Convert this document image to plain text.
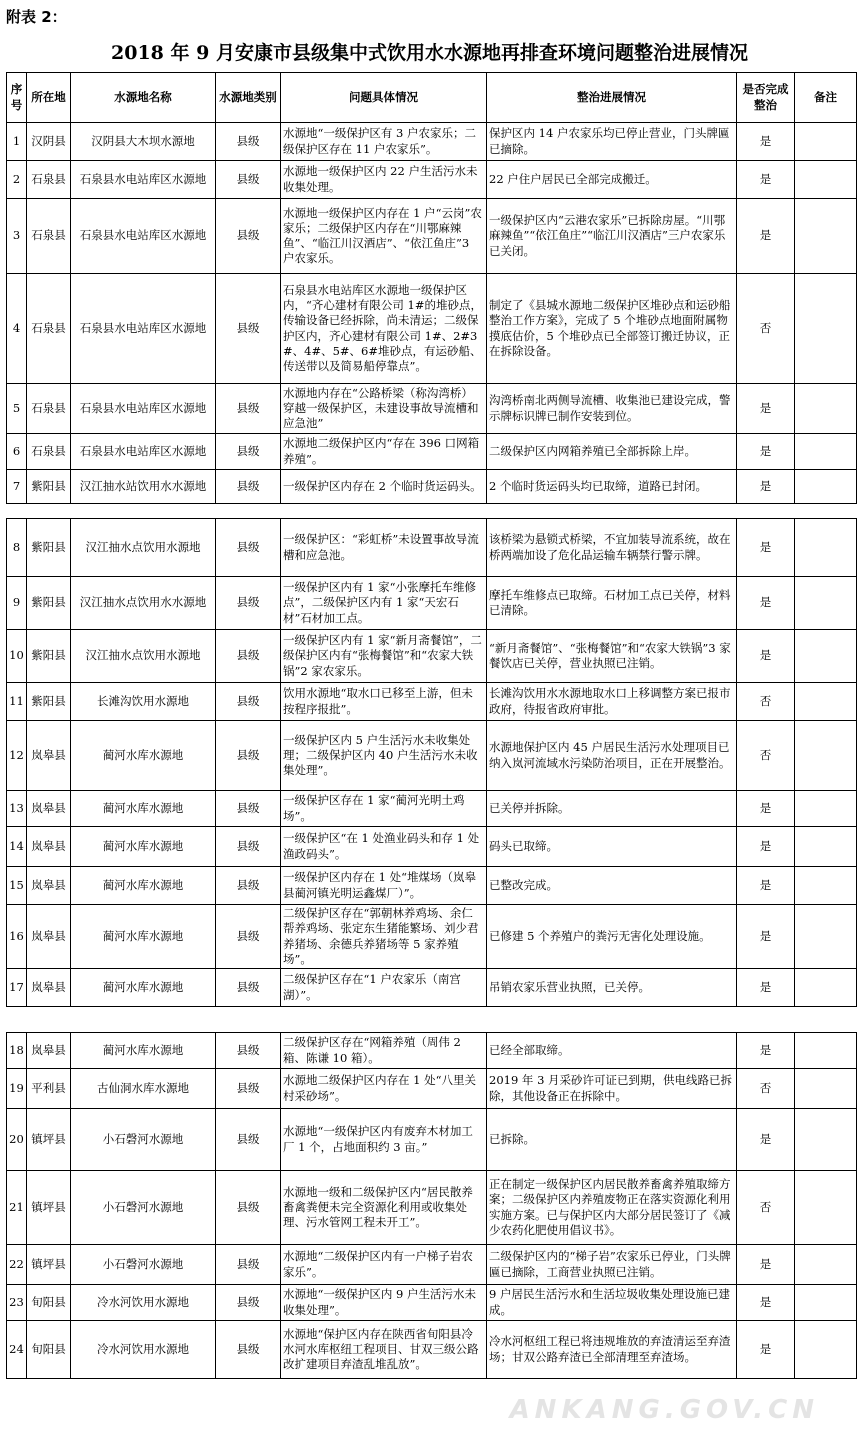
附表 2：
2018 年 9 月安康市县级集中式饮用水水源地再排查环境问题整治进展情况
序号	所在地	水源地名称	水源地类别	问题具体情况	整治进展情况	是否完成整治	备注
1	汉阴县	汉阴县大木坝水源地	县级	水源地“一级保护区有 3 户农家乐；二级保护区存在 11 户农家乐”。	保护区内 14 户农家乐均已停止营业，门头牌匾已摘除。	是	
2	石泉县	石泉县水电站库区水源地	县级	水源地一级保护区内 22 户生活污水未收集处理。	22 户住户居民已全部完成搬迁。	是	
3	石泉县	石泉县水电站库区水源地	县级	水源地一级保护区内存在 1 户“云岗”农家乐；二级保护区内存在“川鄂麻辣鱼”、“临江川汉酒店”、“依江鱼庄”3 户农家乐。	一级保护区内“云港农家乐”已拆除房屋。“川鄂麻辣鱼”“依江鱼庄”“临江川汉酒店”三户农家乐已关闭。	是	
4	石泉县	石泉县水电站库区水源地	县级	石泉县水电站库区水源地一级保护区内，“齐心建材有限公司 1#的堆砂点，传输设备已经拆除，尚未清运；二级保护区内，齐心建材有限公司 1#、2#3#、4#、5#、6#堆砂点，有运砂船、传送带以及简易船停靠点”。	制定了《县城水源地二级保护区堆砂点和运砂船整治工作方案》，完成了 5 个堆砂点地面附属物摸底估价，5 个堆砂点已全部签订搬迁协议，正在拆除设备。	否	
5	石泉县	石泉县水电站库区水源地	县级	水源地内存在“公路桥梁（称沟湾桥）穿越一级保护区，未建设事故导流槽和应急池”	沟湾桥南北两侧导流槽、收集池已建设完成，警示牌标识牌已制作安装到位。	是	
6	石泉县	石泉县水电站库区水源地	县级	水源地二级保护区内“存在 396 口网箱养殖”。	二级保护区内网箱养殖已全部拆除上岸。	是	
7	紫阳县	汉江抽水站饮用水水源地	县级	一级保护区内存在 2 个临时货运码头。	2 个临时货运码头均已取缔，道路已封闭。	是	
8	紫阳县	汉江抽水点饮用水源地	县级	一级保护区：“彩虹桥”未设置事故导流槽和应急池。	该桥梁为悬锁式桥梁，不宜加装导流系统，故在桥两端加设了危化品运输车辆禁行警示牌。	是	
9	紫阳县	汉江抽水点饮用水水源地	县级	一级保护区内有 1 家“小张摩托车维修点”，二级保护区内有 1 家“天宏石材”石材加工点。	摩托车维修点已取缔。石材加工点已关停，材料已清除。	是	
10	紫阳县	汉江抽水点饮用水源地	县级	一级保护区内有 1 家“新月斋餐馆”，二级保护区内有“张梅餐馆”和“农家大铁锅”2 家农家乐。	“新月斋餐馆”、“张梅餐馆”和“农家大铁锅”3 家餐饮店已关停，营业执照已注销。	是	
11	紫阳县	长滩沟饮用水源地	县级	饮用水源地“取水口已移至上游，但未按程序报批”。	长滩沟饮用水水源地取水口上移调整方案已报市政府，待报省政府审批。	否	
12	岚皋县	蔺河水库水源地	县级	一级保护区内 5 户生活污水未收集处理；二级保护区内 40 户生活污水未收集处理”。	水源地保护区内 45 户居民生活污水处理项目已纳入岚河流域水污染防治项目，正在开展整治。	否	
13	岚皋县	蔺河水库水源地	县级	一级保护区存在 1 家“蔺河光明土鸡场”。	已关停并拆除。	是	
14	岚皋县	蔺河水库水源地	县级	一级保护区“在 1 处渔业码头和存 1 处渔政码头”。	码头已取缔。	是	
15	岚皋县	蔺河水库水源地	县级	一级保护区内存在 1 处“堆煤场（岚皋县蔺河镇光明运鑫煤厂）”。	已整改完成。	是	
16	岚皋县	蔺河水库水源地	县级	二级保护区存在“郭朝林养鸡场、余仁帮养鸡场、张定东生猪能繁场、刘少君养猪场、余德兵养猪场等 5 家养殖场”。	已修建 5 个养殖户的粪污无害化处理设施。	是	
17	岚皋县	蔺河水库水源地	县级	二级保护区存在“1 户农家乐（南宫湖）”。	吊销农家乐营业执照，已关停。	是	
18	岚皋县	蔺河水库水源地	县级	二级保护区存在“网箱养殖（周伟 2 箱、陈谦 10 箱）。	已经全部取缔。	是	
19	平利县	古仙洞水库水源地	县级	水源地二级保护区内存在 1 处“八里关村采砂场”。	2019 年 3 月采砂许可证已到期，供电线路已拆除，其他设备正在拆除中。	否	
20	镇坪县	小石磬河水源地	县级	水源地“一级保护区内有废弃木材加工厂 1 个，占地面积约 3 亩。”	已拆除。	是	
21	镇坪县	小石磬河水源地	县级	水源地一级和二级保护区内“居民散养畜禽粪便未完全资源化利用或收集处理、污水管网工程未开工”。	正在制定一级保护区内居民散养畜禽养殖取缔方案；二级保护区内养殖废物正在落实资源化利用实施方案。已与保护区内大部分居民签订了《减少农药化肥使用倡议书》。	否	
22	镇坪县	小石磬河水源地	县级	水源地“二级保护区内有一户梯子岩农家乐”。	二级保护区内的“梯子岩”农家乐已停业，门头牌匾已摘除，工商营业执照已注销。	是	
23	旬阳县	冷水河饮用水源地	县级	水源地“一级保护区内 9 户生活污水未收集处理”。	9 户居民生活污水和生活垃圾收集处理设施已建成。	是	
24	旬阳县	冷水河饮用水源地	县级	水源地“保护区内存在陕西省旬阳县冷水河水库枢纽工程项目、甘双三级公路改扩建项目弃渣乱堆乱放”。	冷水河枢纽工程已将违规堆放的弃渣清运至弃渣场；甘双公路弃渣已全部清理至弃渣场。	是	
ANKANG.GOV.CN
